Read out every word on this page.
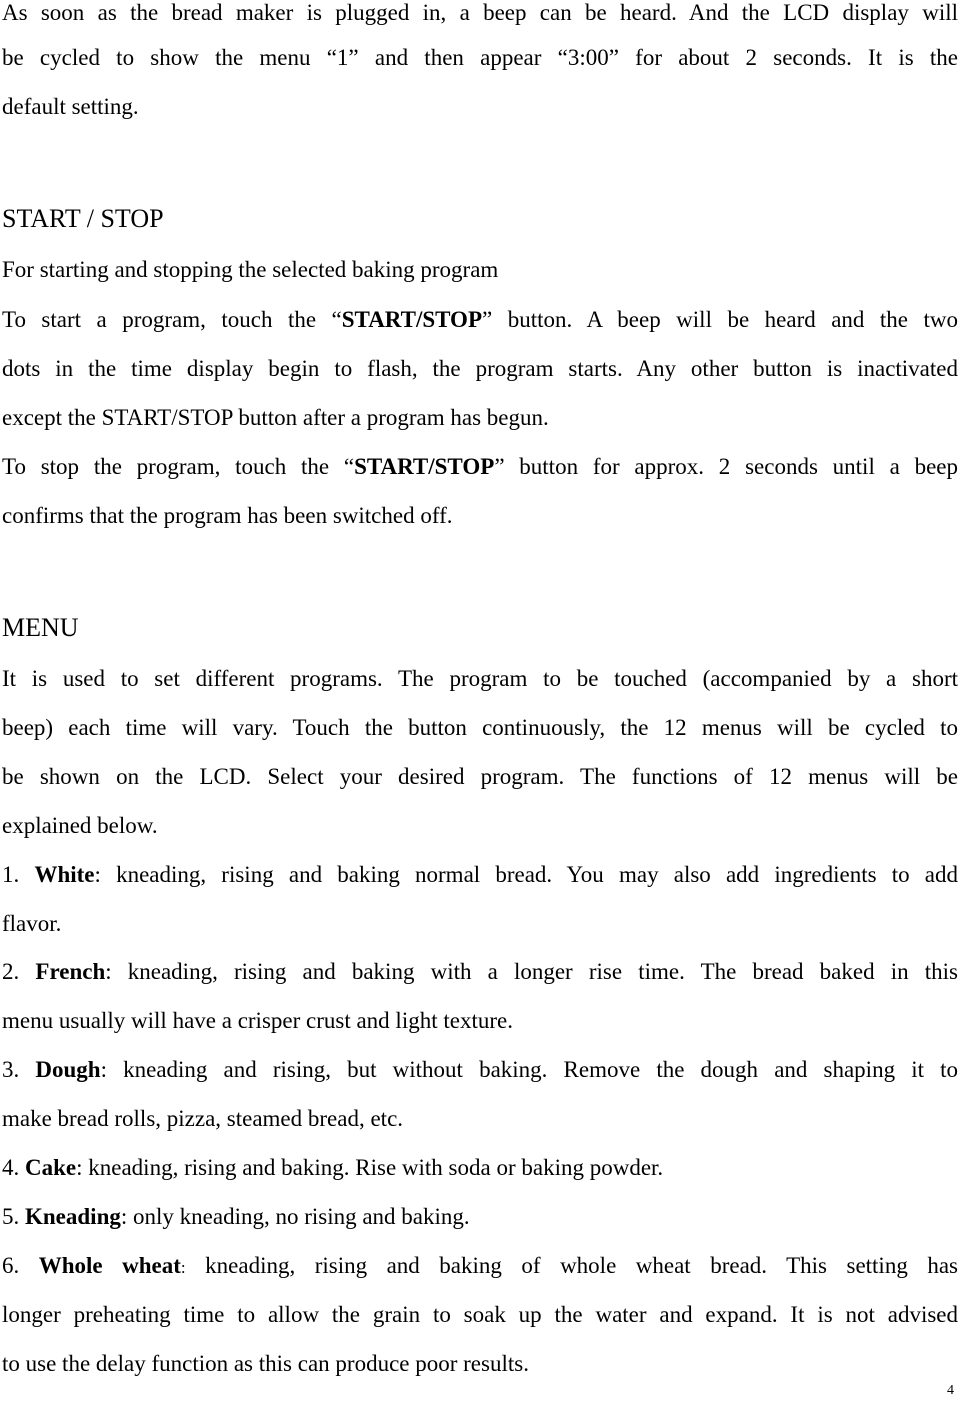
As soon as the bread maker is plugged in, a beep can be heard. And the LCD display will
be cycled to show the menu “1” and then appear “3:00” for about 2 seconds. It is the
default setting.
START / STOP
For starting and stopping the selected baking program
To start a program, touch the “START/STOP” button. A beep will be heard and the two
dots in the time display begin to flash, the program starts. Any other button is inactivated
except the START/STOP button after a program has begun.
To stop the program, touch the “START/STOP” button for approx. 2 seconds until a beep
confirms that the program has been switched off.
MENU
It is used to set different programs. The program to be touched (accompanied by a short
beep) each time will vary. Touch the button continuously, the 12 menus will be cycled to
be shown on the LCD. Select your desired program. The functions of 12 menus will be
explained below.
1. White: kneading, rising and baking normal bread. You may also add ingredients to add
flavor.
2. French: kneading, rising and baking with a longer rise time. The bread baked in this
menu usually will have a crisper crust and light texture.
3. Dough: kneading and rising, but without baking. Remove the dough and shaping it to
make bread rolls, pizza, steamed bread, etc.
4. Cake: kneading, rising and baking. Rise with soda or baking powder.
5. Kneading: only kneading, no rising and baking.
6. Whole wheat: kneading, rising and baking of whole wheat bread. This setting has
longer preheating time to allow the grain to soak up the water and expand. It is not advised
to use the delay function as this can produce poor results.
4
